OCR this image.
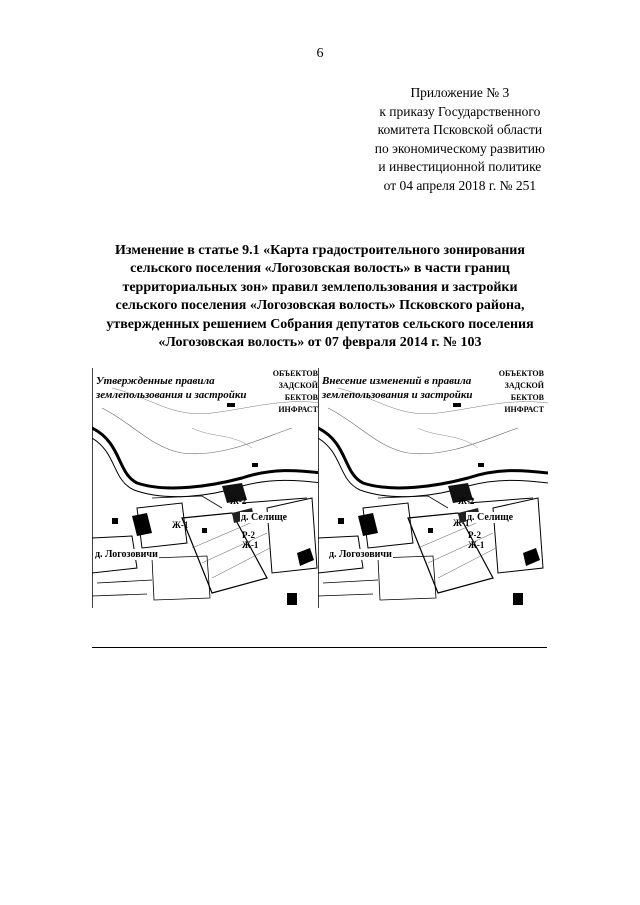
6
Приложение № 3
к приказу Государственного
комитета Псковской области
по экономическому развитию
и инвестиционной политике
от 04 апреля 2018 г. № 251
Изменение в статье 9.1 «Карта градостроительного зонирования
сельского поселения «Логозовская волость» в части границ
территориальных зон» правил землепользования и застройки
сельского поселения «Логозовская волость» Псковского района,
утвержденных решением Собрания депутатов сельского поселения
«Логозовская волость» от 07 февраля 2014 г. № 103
Утвержденные правила
землепользования и застройки
ОБЪЕКТОВ
ЗАДСКОЙ
БЕКТОВ
ИНФРАСТ
д. Селище
д. Логозовичи
Ж-2
Ж-1
Р-2
Ж-1
Внесение изменений в правила
землепользования и застройки
ОБЪЕКТОВ
ЗАДСКОЙ
БЕКТОВ
ИНФРАСТ
д. Селище
д. Логозовичи
Ж-2
Ж-1
Р-2
Ж-1
